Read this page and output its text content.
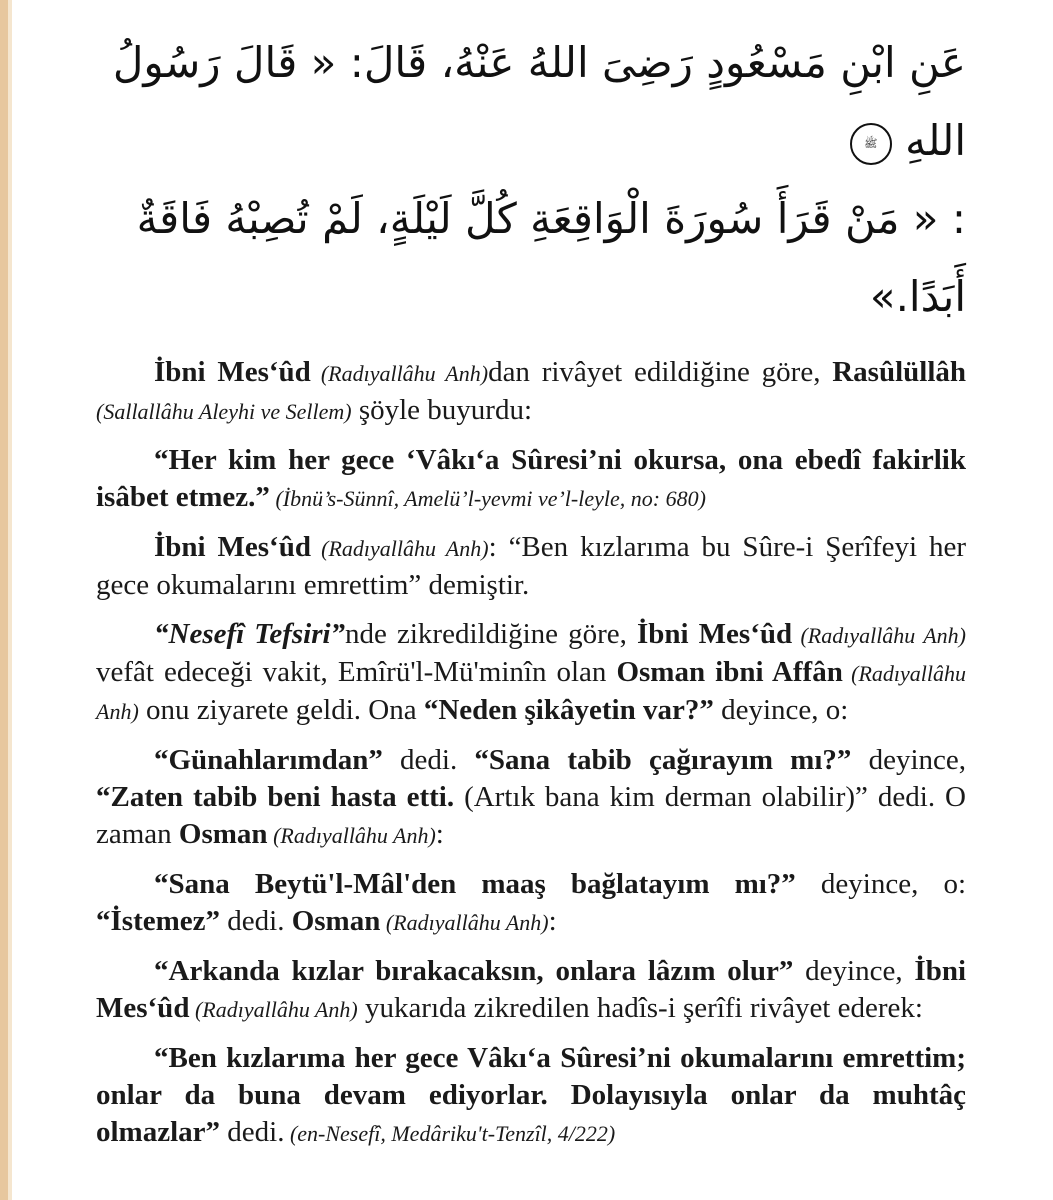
عَنِ ابْنِ مَسْعُودٍ رَضِىَ اللهُ عَنْهُ، قَالَ: « قَالَ رَسُولُ اللهِ ﷺ

: « مَنْ قَرَأَ سُورَةَ الْوَاقِعَةِ كُلَّ لَيْلَةٍ، لَمْ تُصِبْهُ فَاقَةٌ أَبَدًا.»

İbni Mes‘ûd (Radıyallâhu Anh)dan rivâyet edildiğine göre, Rasûlüllâh (Sallallâhu Aleyhi ve Sellem) şöyle buyurdu:

“Her kim her gece ‘Vâkı‘a Sûresi’ni okursa, ona ebedî fakirlik isâbet etmez.” (İbnü’s-Sünnî, Amelü’l-yevmi ve’l-leyle, no: 680)

İbni Mes‘ûd (Radıyallâhu Anh): “Ben kızlarıma bu Sûre-i Şerîfeyi her gece okumalarını emrettim” demiştir.

“Nesefî Tefsiri”nde zikredildiğine göre, İbni Mes‘ûd (Radıyallâhu Anh) vefât edeceği vakit, Emîrü'l-Mü'minîn olan Osman ibni Affân (Radıyallâhu Anh) onu ziyarete geldi. Ona “Neden şikâyetin var?” deyince, o:

“Günahlarımdan” dedi. “Sana tabib çağırayım mı?” deyince, “Zaten tabib beni hasta etti. (Artık bana kim derman olabilir)” dedi. O zaman Osman (Radıyallâhu Anh):

“Sana Beytü'l-Mâl'den maaş bağlatayım mı?” deyince, o: “İstemez” dedi. Osman (Radıyallâhu Anh):

“Arkanda kızlar bırakacaksın, onlara lâzım olur” deyince, İbni Mes‘ûd (Radıyallâhu Anh) yukarıda zikredilen hadîs-i şerîfi rivâyet ederek:

“Ben kızlarıma her gece Vâkı‘a Sûresi’ni okumalarını emrettim; onlar da buna devam ediyorlar. Dolayısıyla onlar da muhtâç olmazlar” dedi. (en-Nesefî, Medâriku't-Tenzîl, 4/222)
